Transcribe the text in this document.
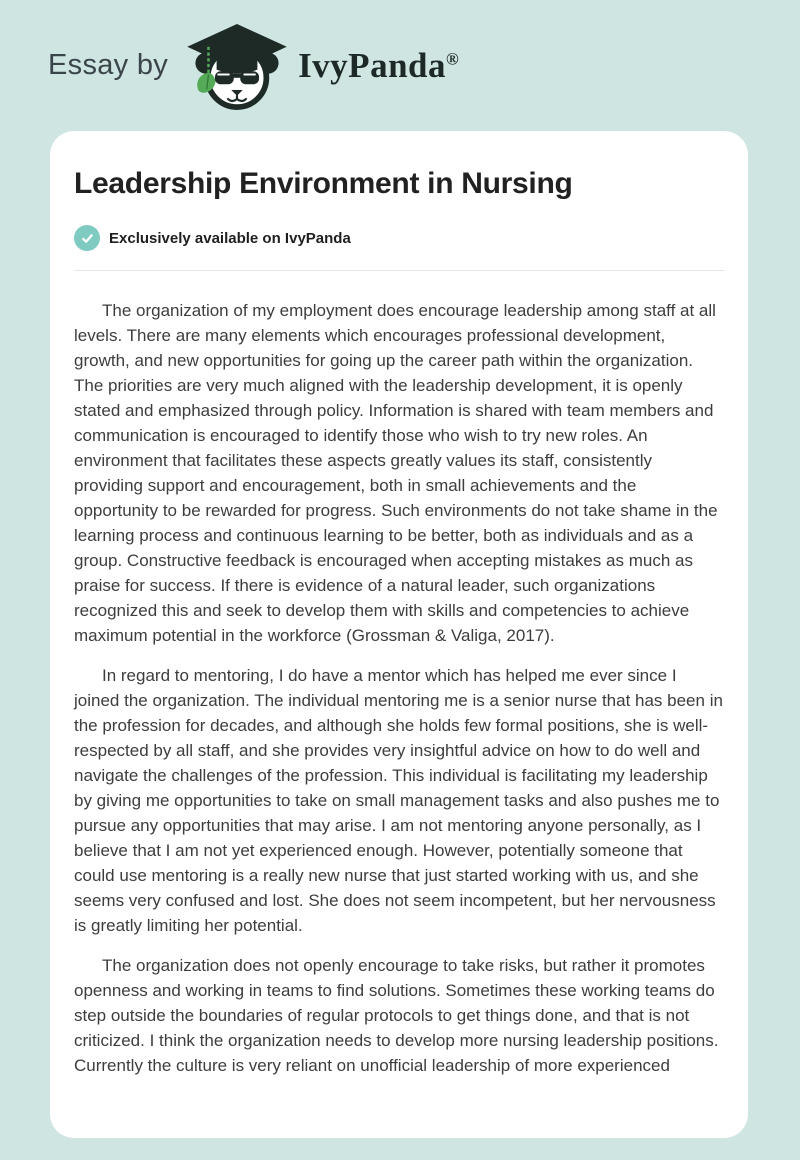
Essay by	IvyPanda®
Leadership Environment in Nursing
Exclusively available on IvyPanda

The organization of my employment does encourage leadership among staff at all levels. There are many elements which encourages professional development, growth, and new opportunities for going up the career path within the organization. The priorities are very much aligned with the leadership development, it is openly stated and emphasized through policy. Information is shared with team members and communication is encouraged to identify those who wish to try new roles. An environment that facilitates these aspects greatly values its staff, consistently providing support and encouragement, both in small achievements and the opportunity to be rewarded for progress. Such environments do not take shame in the learning process and continuous learning to be better, both as individuals and as a group. Constructive feedback is encouraged when accepting mistakes as much as praise for success. If there is evidence of a natural leader, such organizations recognized this and seek to develop them with skills and competencies to achieve maximum potential in the workforce (Grossman & Valiga, 2017).

In regard to mentoring, I do have a mentor which has helped me ever since I joined the organization. The individual mentoring me is a senior nurse that has been in the profession for decades, and although she holds few formal positions, she is well-respected by all staff, and she provides very insightful advice on how to do well and navigate the challenges of the profession. This individual is facilitating my leadership by giving me opportunities to take on small management tasks and also pushes me to pursue any opportunities that may arise. I am not mentoring anyone personally, as I believe that I am not yet experienced enough. However, potentially someone that could use mentoring is a really new nurse that just started working with us, and she seems very confused and lost. She does not seem incompetent, but her nervousness is greatly limiting her potential.

The organization does not openly encourage to take risks, but rather it promotes openness and working in teams to find solutions. Sometimes these working teams do step outside the boundaries of regular protocols to get things done, and that is not criticized. I think the organization needs to develop more nursing leadership positions. Currently the culture is very reliant on unofficial leadership of more experienced
